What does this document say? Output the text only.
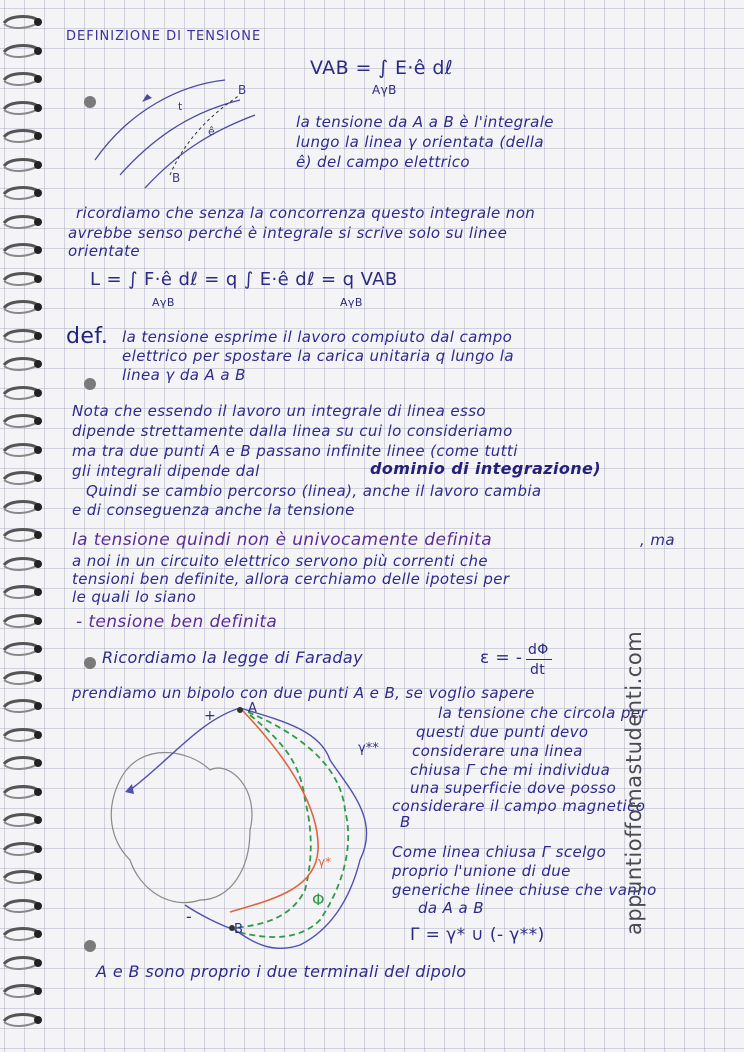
DEFINIZIONE DI TENSIONE
VAB = ∫ E·ê dℓ
AγB
t
ê
B
B
la tensione da A a B è l'integrale
lungo la linea γ orientata (della
ê) del campo elettrico
ricordiamo che senza la concorrenza questo integrale non
avrebbe senso perché è integrale si scrive solo su linee
orientate
L = ∫ F·ê dℓ = q ∫ E·ê dℓ = q VAB
AγB	AγB
def. la tensione esprime il lavoro compiuto dal campo
elettrico per spostare la carica unitaria q lungo la
linea γ da A a B
Nota che essendo il lavoro un integrale di linea esso
dipende strettamente dalla linea su cui lo consideriamo
ma tra due punti A e B passano infinite linee (come tutti
gli integrali dipende dal	dominio di integrazione)
Quindi se cambio percorso (linea), anche il lavoro cambia
e di conseguenza anche la tensione
la tensione quindi non è univocamente definita	, ma
a noi in un circuito elettrico servono più correnti che
tensioni ben definite, allora cerchiamo delle ipotesi per
le quali lo siano
- tensione ben definita
Ricordiamo la legge di Faraday	ε = - dΦ
dt
prendiamo un bipolo con due punti A e B, se voglio sapere
la tensione che circola per
questi due punti devo
considerare una linea
chiusa Γ che mi individua
una superficie dove posso
considerare il campo magnetico
B
Come linea chiusa Γ scelgo
proprio l'unione di due
generiche linee chiuse che vanno
da A a B
Γ = γ* ∪ (- γ**)
A
B
+
-
γ**
γ*
Φ
A e B sono proprio i due terminali del dipolo
appuntioffomastudenti.com
